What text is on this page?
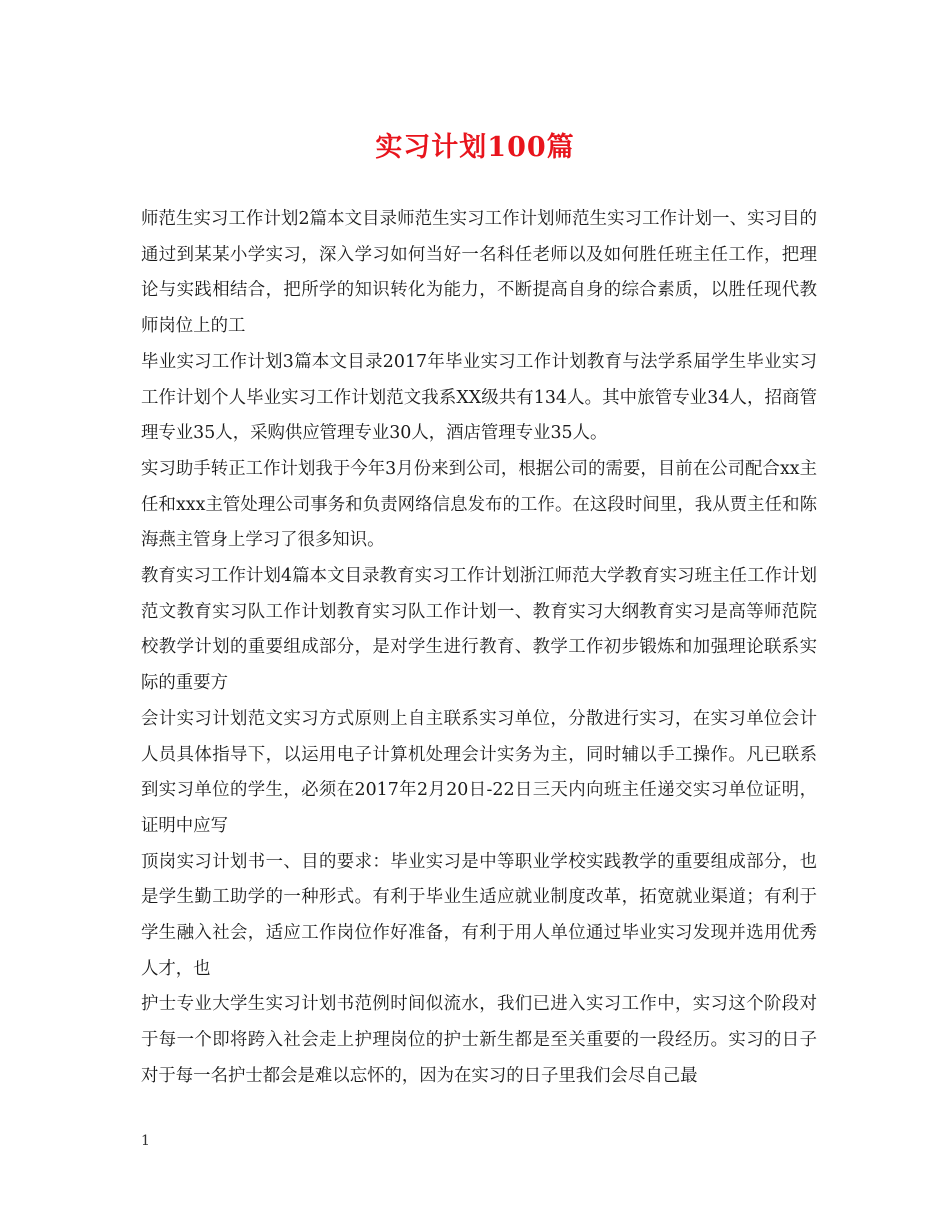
实习计划100篇

师范生实习工作计划2篇本文目录师范生实习工作计划师范生实习工作计划一、实习目的通过到某某小学实习，深入学习如何当好一名科任老师以及如何胜任班主任工作，把理论与实践相结合，把所学的知识转化为能力，不断提高自身的综合素质，以胜任现代教师岗位上的工

毕业实习工作计划3篇本文目录2017年毕业实习工作计划教育与法学系届学生毕业实习工作计划个人毕业实习工作计划范文我系XX级共有134人。其中旅管专业34人，招商管理专业35人，采购供应管理专业30人，酒店管理专业35人。

实习助手转正工作计划我于今年3月份来到公司，根据公司的需要，目前在公司配合xx主任和xxx主管处理公司事务和负责网络信息发布的工作。在这段时间里，我从贾主任和陈海燕主管身上学习了很多知识。

教育实习工作计划4篇本文目录教育实习工作计划浙江师范大学教育实习班主任工作计划范文教育实习队工作计划教育实习队工作计划一、教育实习大纲教育实习是高等师范院校教学计划的重要组成部分，是对学生进行教育、教学工作初步锻炼和加强理论联系实际的重要方

会计实习计划范文实习方式原则上自主联系实习单位，分散进行实习，在实习单位会计人员具体指导下，以运用电子计算机处理会计实务为主，同时辅以手工操作。凡已联系到实习单位的学生，必须在2017年2月20日-22日三天内向班主任递交实习单位证明，证明中应写

顶岗实习计划书一、目的要求：毕业实习是中等职业学校实践教学的重要组成部分，也是学生勤工助学的一种形式。有利于毕业生适应就业制度改革，拓宽就业渠道；有利于学生融入社会，适应工作岗位作好准备，有利于用人单位通过毕业实习发现并选用优秀人才，也

护士专业大学生实习计划书范例时间似流水，我们已进入实习工作中，实习这个阶段对于每一个即将跨入社会走上护理岗位的护士新生都是至关重要的一段经历。实习的日子对于每一名护士都会是难以忘怀的，因为在实习的日子里我们会尽自己最

1
